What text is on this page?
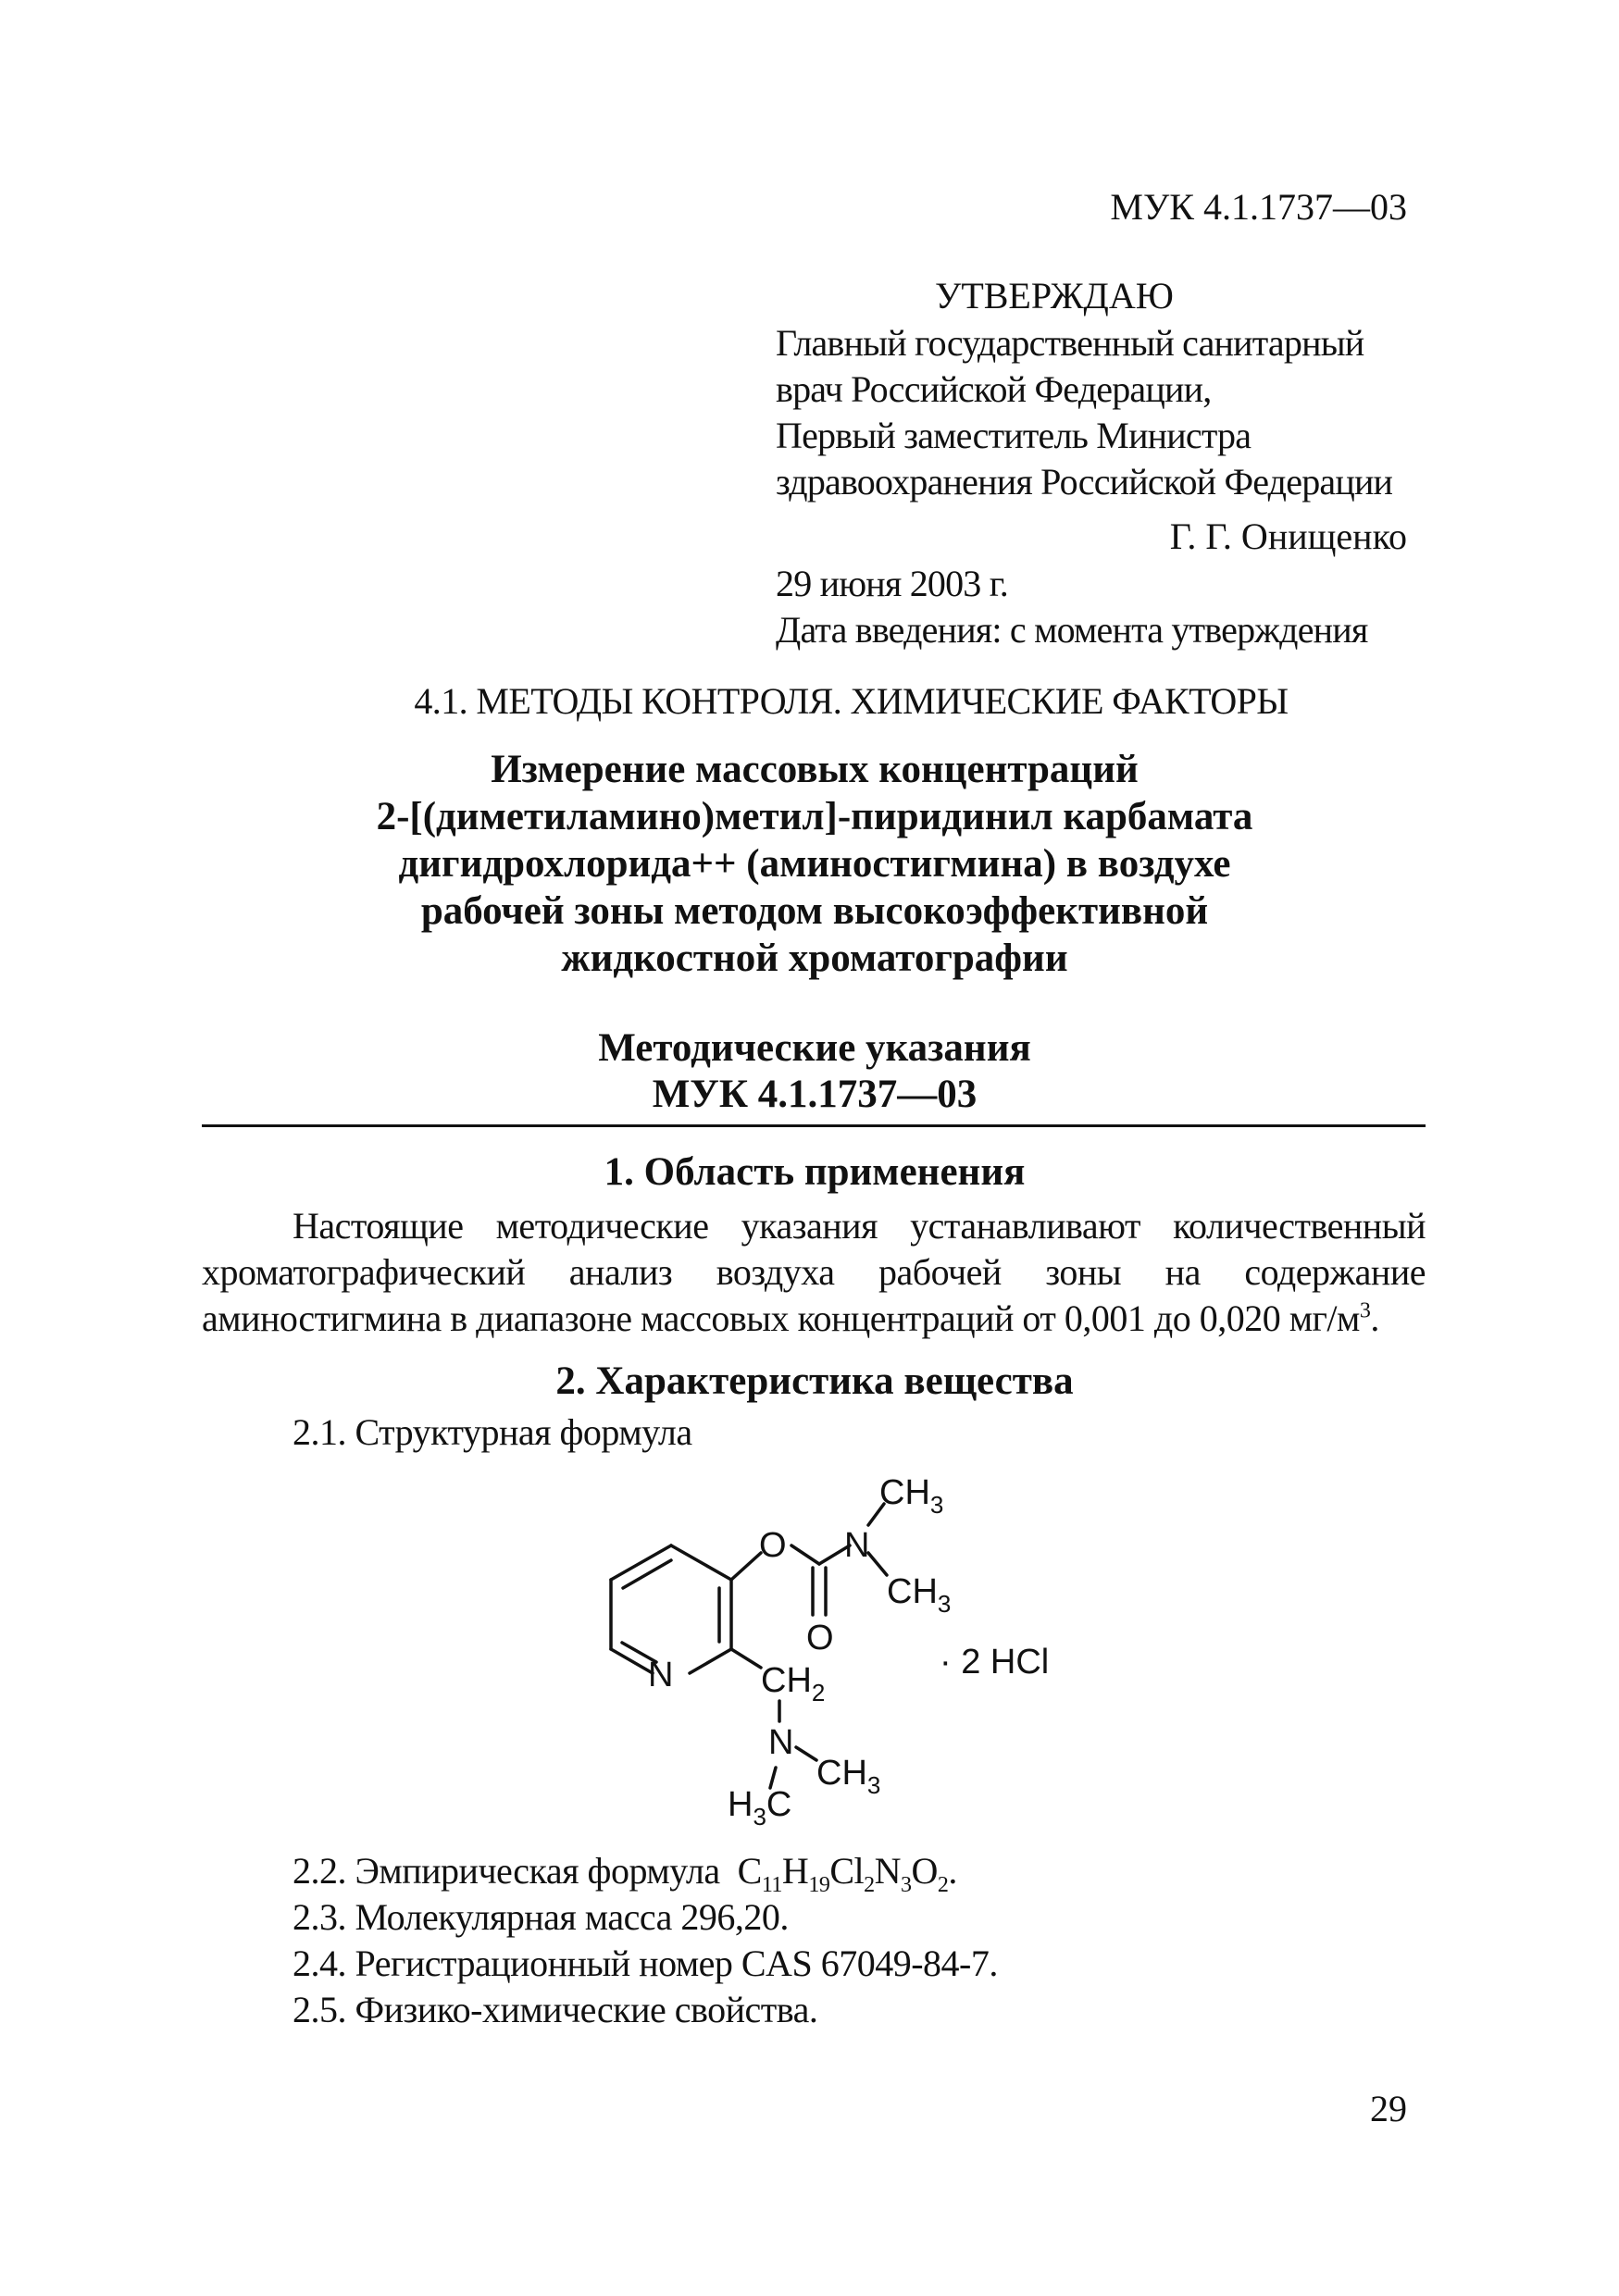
МУК 4.1.1737—03
УТВЕРЖДАЮ
Главный государственный санитарный
врач Российской Федерации,
Первый заместитель Министра
здравоохранения Российской Федерации
Г. Г. Онищенко
29 июня 2003 г.
Дата введения: с момента утверждения
4.1. МЕТОДЫ КОНТРОЛЯ. ХИМИЧЕСКИЕ ФАКТОРЫ
Измерение массовых концентраций
2-[(диметиламино)метил]-пиридинил карбамата
дигидрохлорида++ (аминостигмина) в воздухе
рабочей зоны методом высокоэффективной
жидкостной хроматографии
Методические указания
МУК 4.1.1737—03
1. Область применения
Настоящие методические указания устанавливают количественный хроматографический анализ воздуха рабочей зоны на содержание аминостигмина в диапазоне массовых концентраций от 0,001 до 0,020 $мг/м^3$.
2. Характеристика вещества
2.1. Структурная формула
O N
$CH_3$
$CH_3$
O
N $CH_2$
N
$CH_3$
$H_3C$
· 2 HCl
2.2. Эмпирическая формула $C_{11}H_{19}Cl_2N_3O_2$.
2.3. Молекулярная масса 296,20.
2.4. Регистрационный номер CAS 67049-84-7.
2.5. Физико-химические свойства.
29
